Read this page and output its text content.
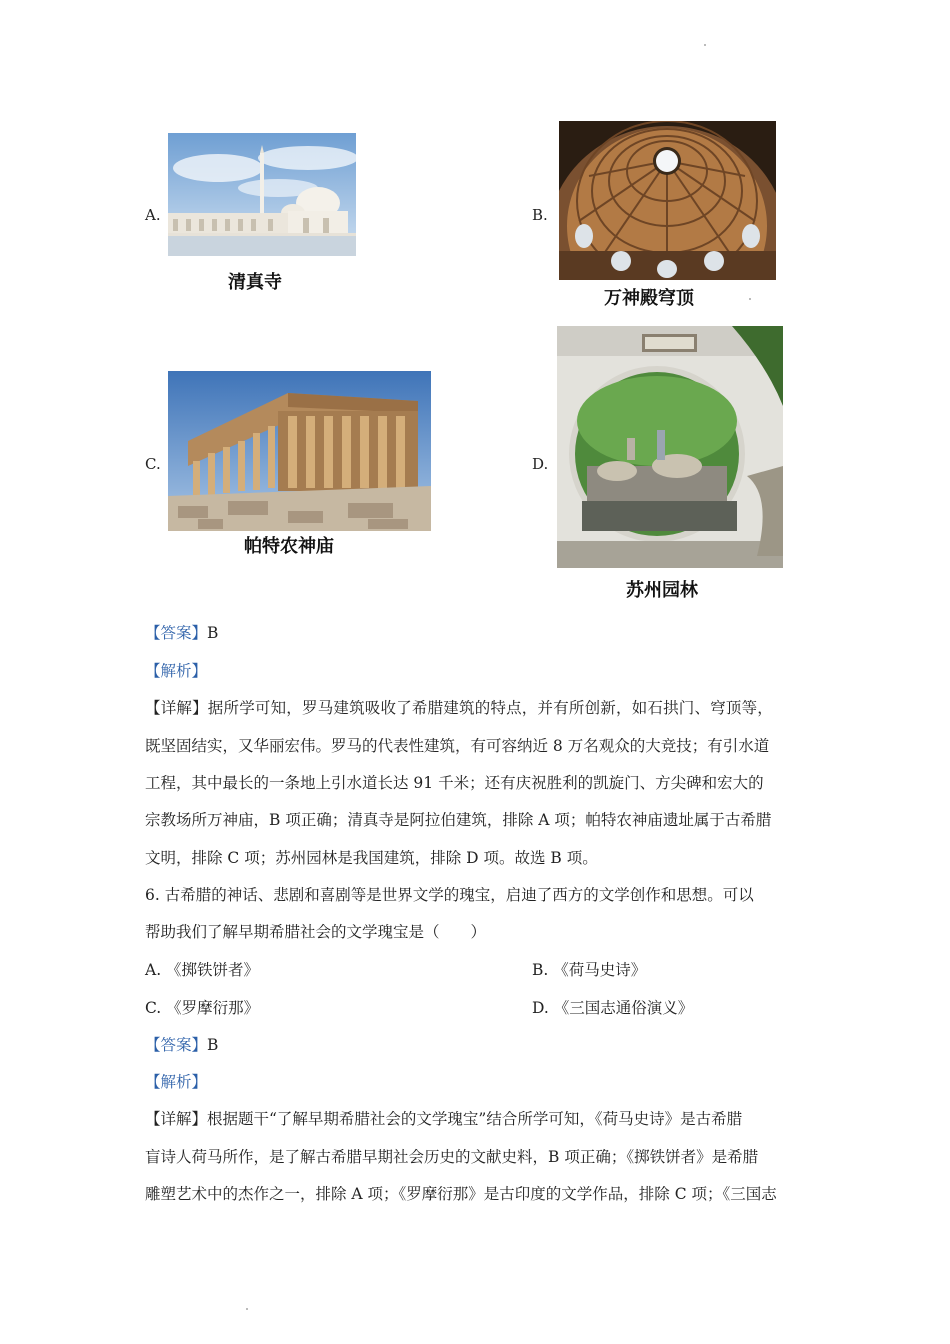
A.
清真寺
B.
万神殿穹顶
C.
帕特农神庙
D.
苏州园林
【答案】B
【解析】
【详解】据所学可知，罗马建筑吸收了希腊建筑的特点，并有所创新，如石拱门、穹顶等，
既坚固结实，又华丽宏伟。罗马的代表性建筑，有可容纳近 8 万名观众的大竞技；有引水道
工程，其中最长的一条地上引水道长达 91 千米；还有庆祝胜利的凯旋门、方尖碑和宏大的
宗教场所万神庙，B 项正确；清真寺是阿拉伯建筑，排除 A 项；帕特农神庙遗址属于古希腊
文明，排除 C 项；苏州园林是我国建筑，排除 D 项。故选 B 项。
6. 古希腊的神话、悲剧和喜剧等是世界文学的瑰宝，启迪了西方的文学创作和思想。可以
帮助我们了解早期希腊社会的文学瑰宝是（　　）
A. 《掷铁饼者》	B. 《荷马史诗》
C. 《罗摩衍那》	D. 《三国志通俗演义》
【答案】B
【解析】
【详解】根据题干“了解早期希腊社会的文学瑰宝”结合所学可知，《荷马史诗》是古希腊
盲诗人荷马所作，是了解古希腊早期社会历史的文献史料，B 项正确；《掷铁饼者》是希腊
雕塑艺术中的杰作之一，排除 A 项；《罗摩衍那》是古印度的文学作品，排除 C 项；《三国志
